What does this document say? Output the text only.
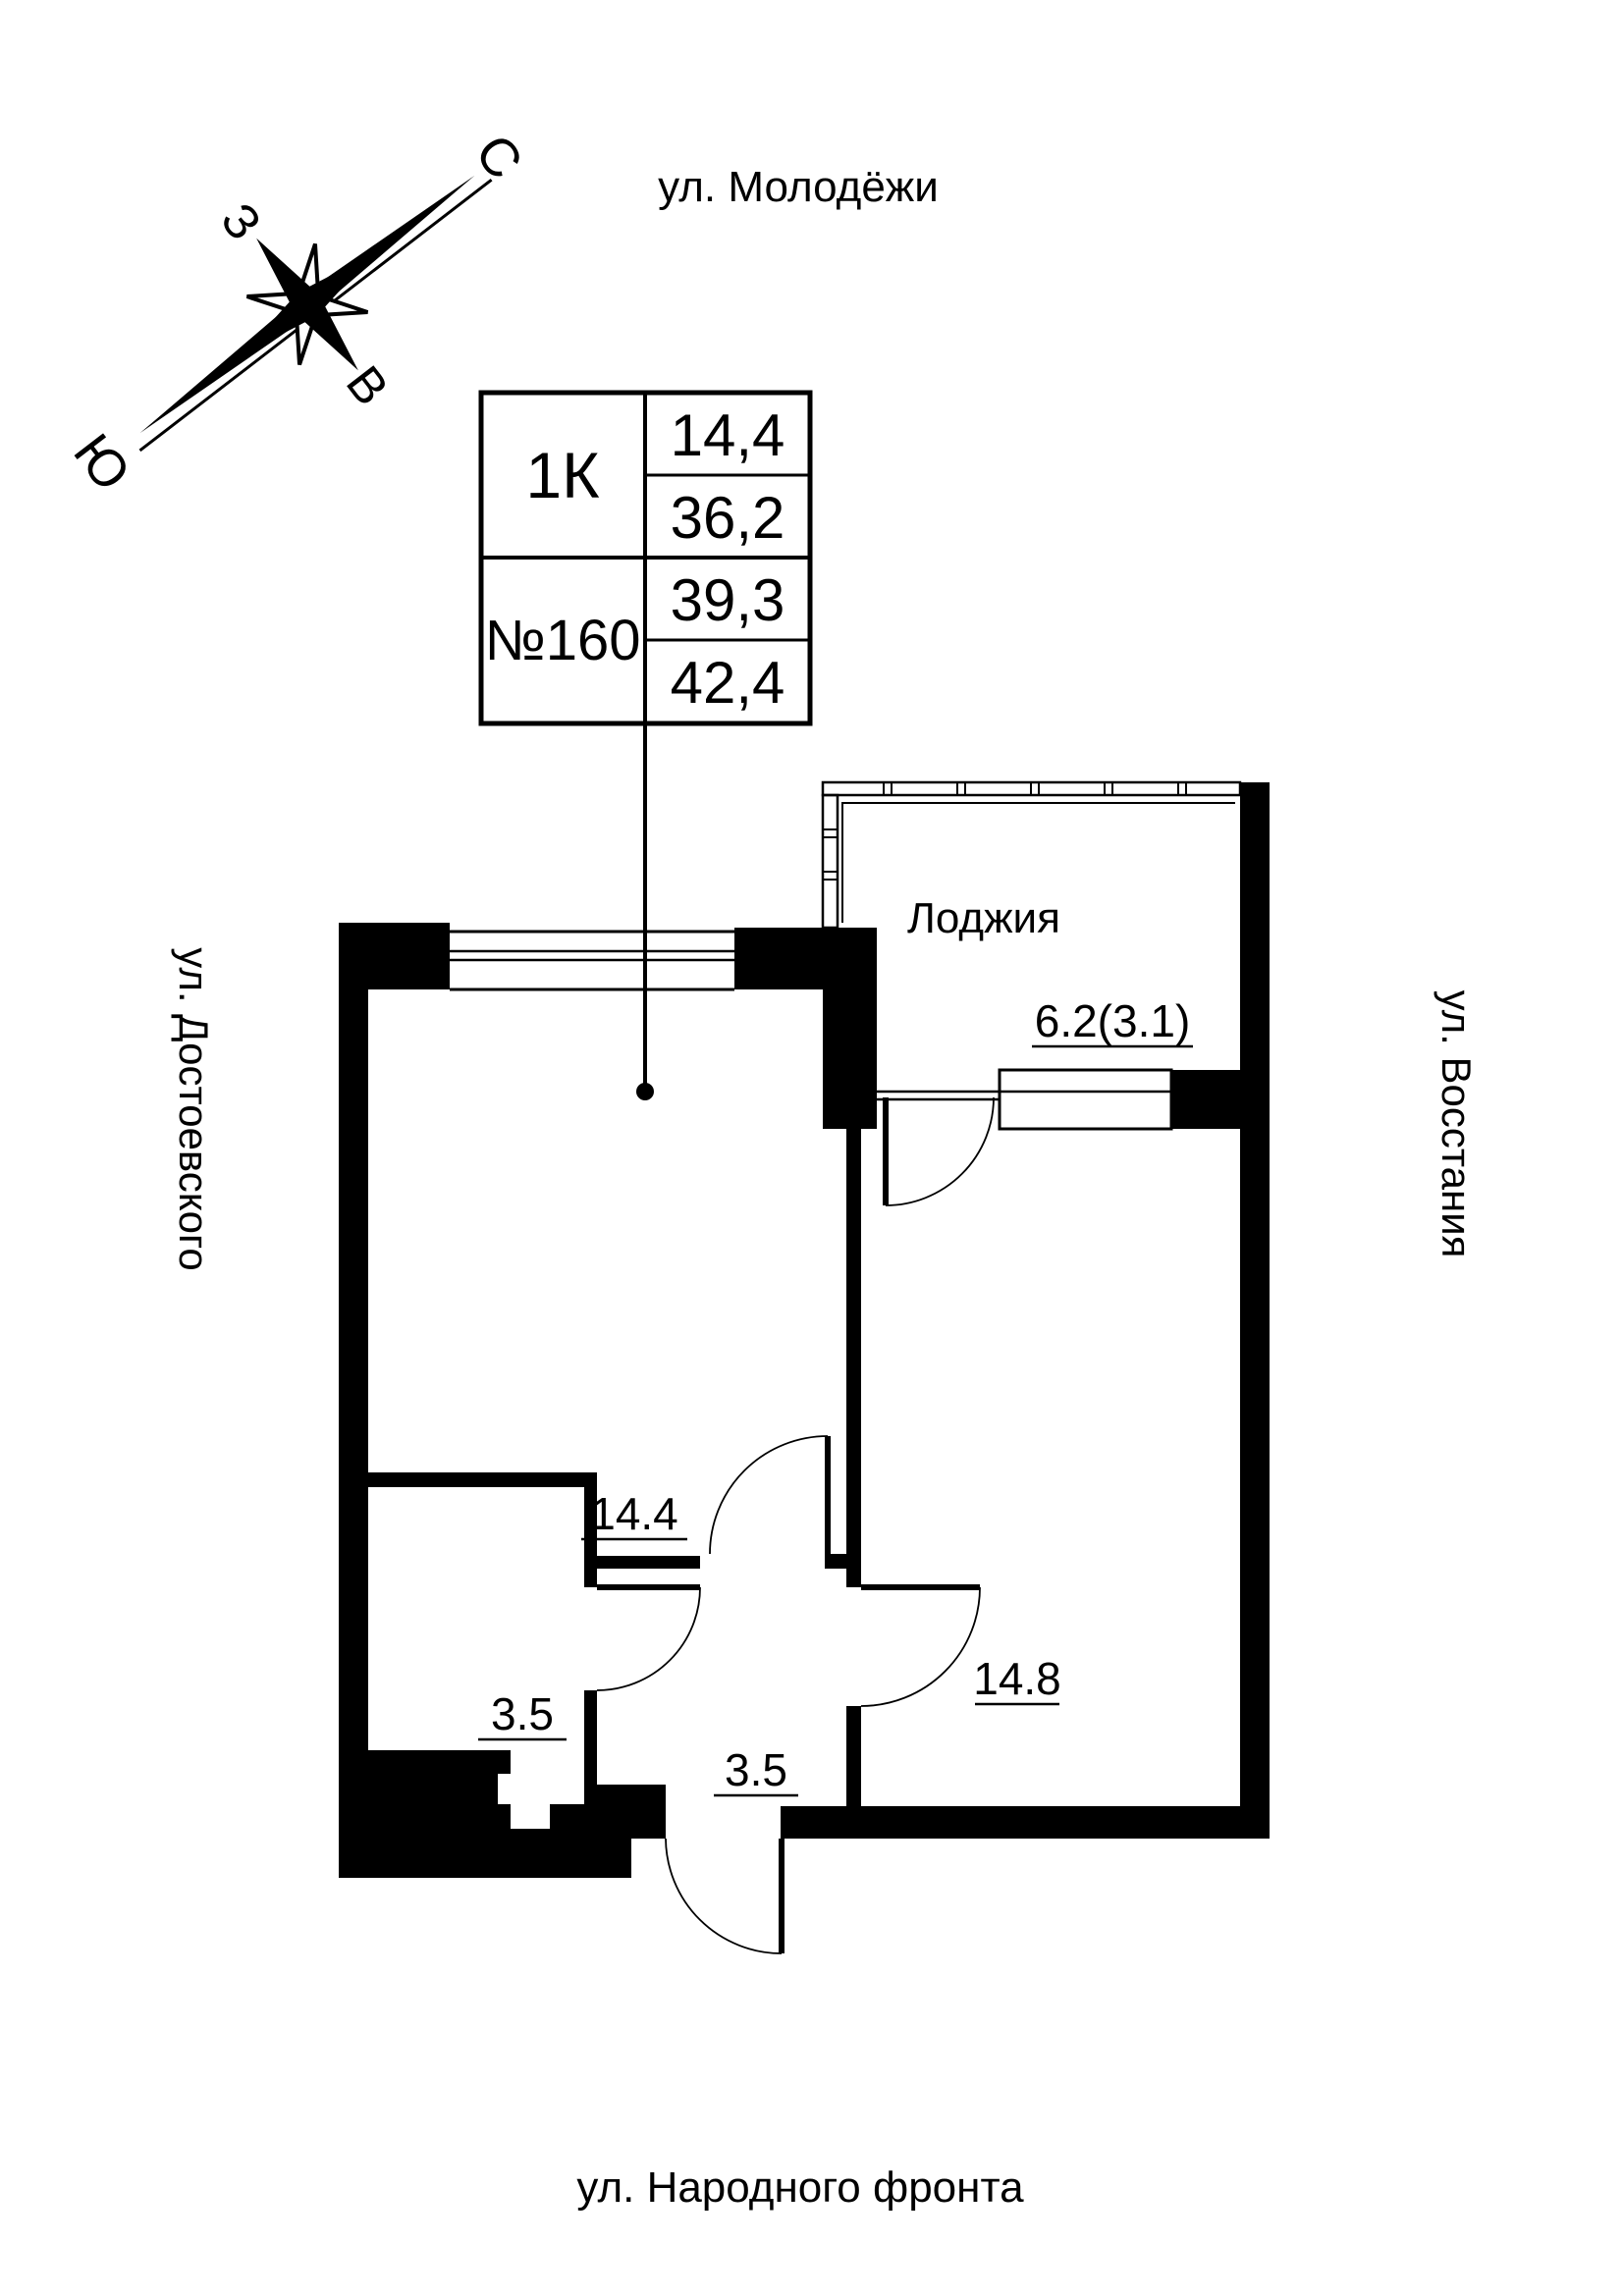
ул. Молодёжи
ул. Народного фронта
ул. Достоевского	ул. Восстания
С
Ю
З
В
1К
№160
14,4
36,2
39,3
42,4
Лоджия
6.2(3.1)
14.4
14.8
3.5
3.5
